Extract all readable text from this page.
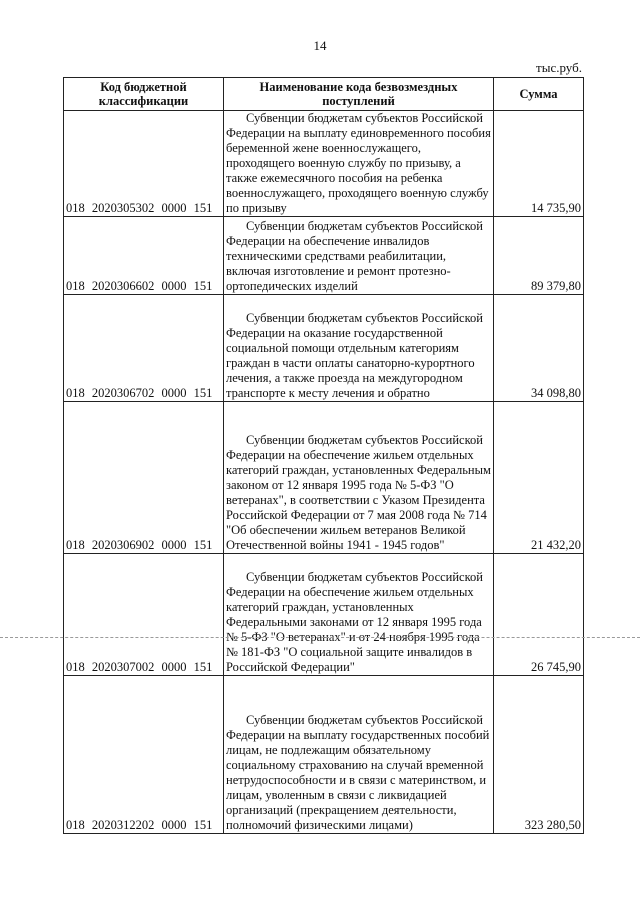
14
тыс.руб.
Код бюджетной классификации	Наименование кода безвозмездных поступлений	Сумма
018 2020305302 0000 151	Субвенции бюджетам субъектов Российской Федерации на выплату единовременного пособия беременной жене военнослужащего, проходящего военную службу по призыву, а также ежемесячного пособия на ребенка военнослужащего, проходящего военную службу по призыву	14 735,90
018 2020306602 0000 151	Субвенции бюджетам субъектов Российской Федерации на обеспечение инвалидов техническими средствами реабилитации, включая изготовление и ремонт протезно-ортопедических изделий	89 379,80
018 2020306702 0000 151	Субвенции бюджетам субъектов Российской Федерации на оказание государственной социальной помощи отдельным категориям граждан в части оплаты санаторно-курортного лечения, а также проезда на междугородном транспорте к месту лечения и обратно	34 098,80
018 2020306902 0000 151	Субвенции бюджетам субъектов Российской Федерации на обеспечение жильем отдельных категорий граждан, установленных Федеральным законом от 12 января 1995 года № 5-ФЗ "О ветеранах", в соответствии с Указом Президента Российской Федерации от 7 мая 2008 года № 714 "Об обеспечении жильем ветеранов Великой Отечественной войны 1941 - 1945 годов"	21 432,20
018 2020307002 0000 151	Субвенции бюджетам субъектов Российской Федерации на обеспечение жильем отдельных категорий граждан, установленных Федеральными законами от 12 января 1995 года № 5-ФЗ "О ветеранах" и от 24 ноября 1995 года № 181-ФЗ "О социальной защите инвалидов в Российской Федерации"	26 745,90
018 2020312202 0000 151	Субвенции бюджетам субъектов Российской Федерации на выплату государственных пособий лицам, не подлежащим обязательному социальному страхованию на случай временной нетрудоспособности и в связи с материнством, и лицам, уволенным в связи с ликвидацией организаций (прекращением деятельности, полномочий физическими лицами)	323 280,50
